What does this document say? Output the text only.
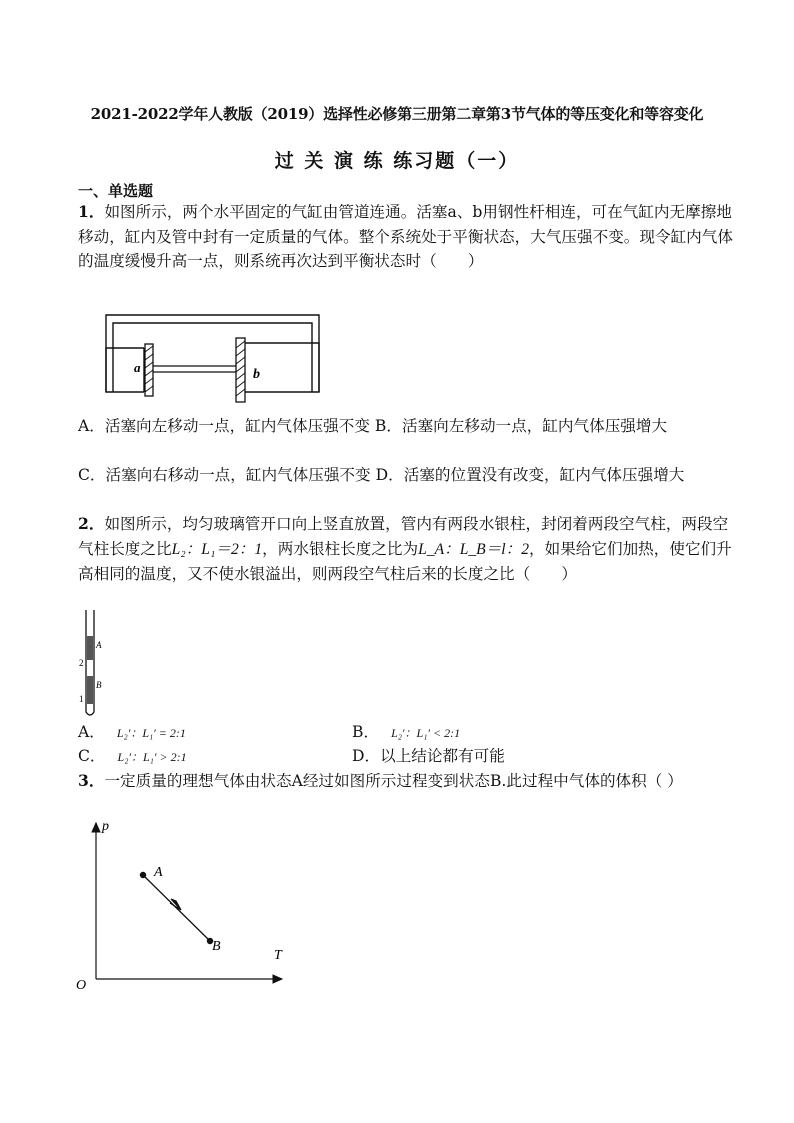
2021-2022学年人教版（2019）选择性必修第三册第二章第3节气体的等压变化和等容变化
过 关 演 练 练习题（一）
一、单选题
1．如图所示，两个水平固定的气缸由管道连通。活塞a、b用钢性杆相连，可在气缸内无摩擦地移动，缸内及管中封有一定质量的气体。整个系统处于平衡状态，大气压强不变。现令缸内气体的温度缓慢升高一点，则系统再次达到平衡状态时（　　）
a	b
A．活塞向左移动一点，缸内气体压强不变 B．活塞向左移动一点，缸内气体压强增大
C．活塞向右移动一点，缸内气体压强不变 D．活塞的位置没有改变，缸内气体压强增大
2．如图所示，均匀玻璃管开口向上竖直放置，管内有两段水银柱，封闭着两段空气柱，两段空气柱长度之比L₂：L₁＝2：1，两水银柱长度之比为L_A：L_B＝l：2，如果给它们加热，使它们升高相同的温度，又不使水银溢出，则两段空气柱后来的长度之比（　　）
A
2
B
1
A． L₂′：L₁′ = 2:1	B． L₂′：L₁′ < 2:1
C． L₂′：L₁′ > 2:1	D．以上结论都有可能
3．一定质量的理想气体由状态A经过如图所示过程变到状态B.此过程中气体的体积（ ）
p
T
O
A
B
